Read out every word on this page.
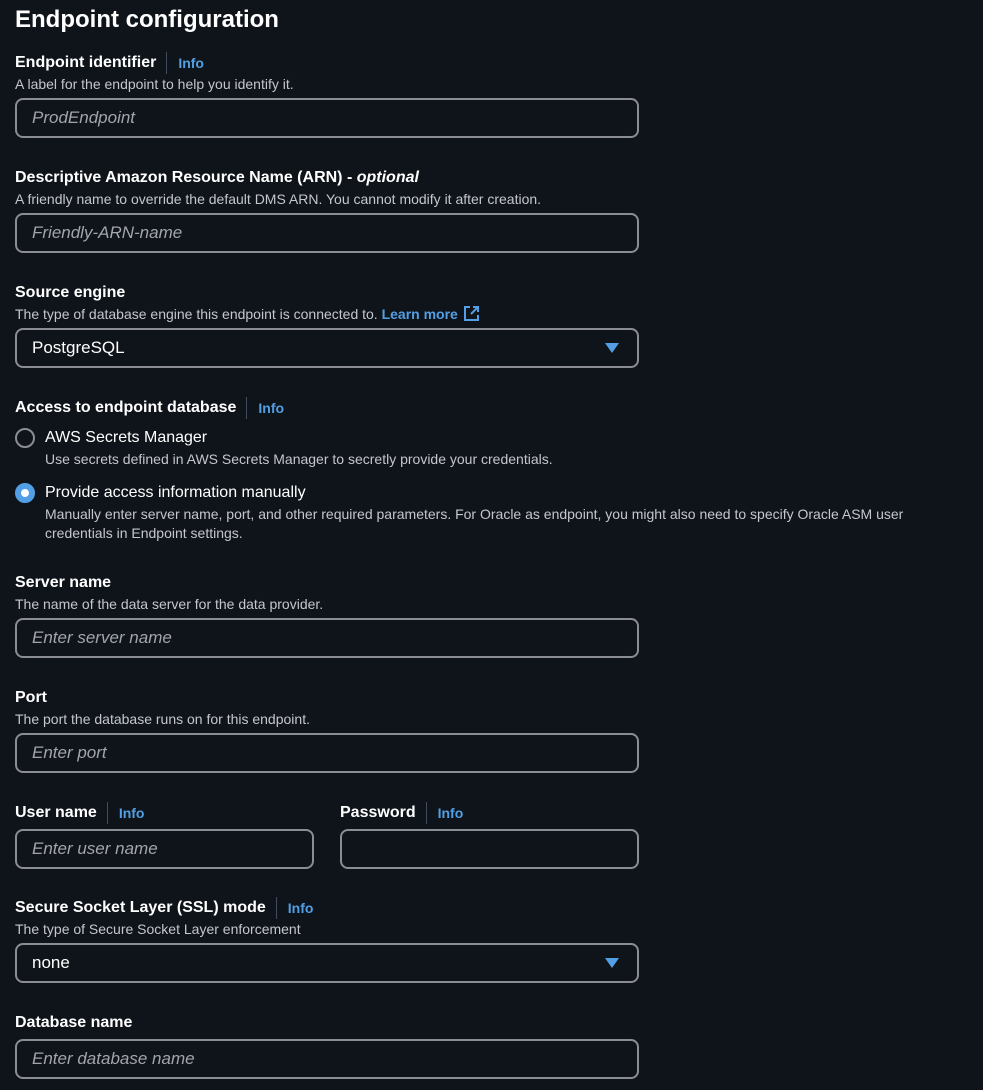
Endpoint configuration
Endpoint identifier Info
A label for the endpoint to help you identify it.
ProdEndpoint
Descriptive Amazon Resource Name (ARN) - optional
A friendly name to override the default DMS ARN. You cannot modify it after creation.
Friendly-ARN-name
Source engine
The type of database engine this endpoint is connected to. Learn more
PostgreSQL
Access to endpoint database Info
AWS Secrets Manager
Use secrets defined in AWS Secrets Manager to secretly provide your credentials.
Provide access information manually
Manually enter server name, port, and other required parameters. For Oracle as endpoint, you might also need to specify Oracle ASM user credentials in Endpoint settings.
Server name
The name of the data server for the data provider.
Enter server name
Port
The port the database runs on for this endpoint.
Enter port
User name Info
Enter user name
Password Info
Secure Socket Layer (SSL) mode Info
The type of Secure Socket Layer enforcement
none
Database name
Enter database name
